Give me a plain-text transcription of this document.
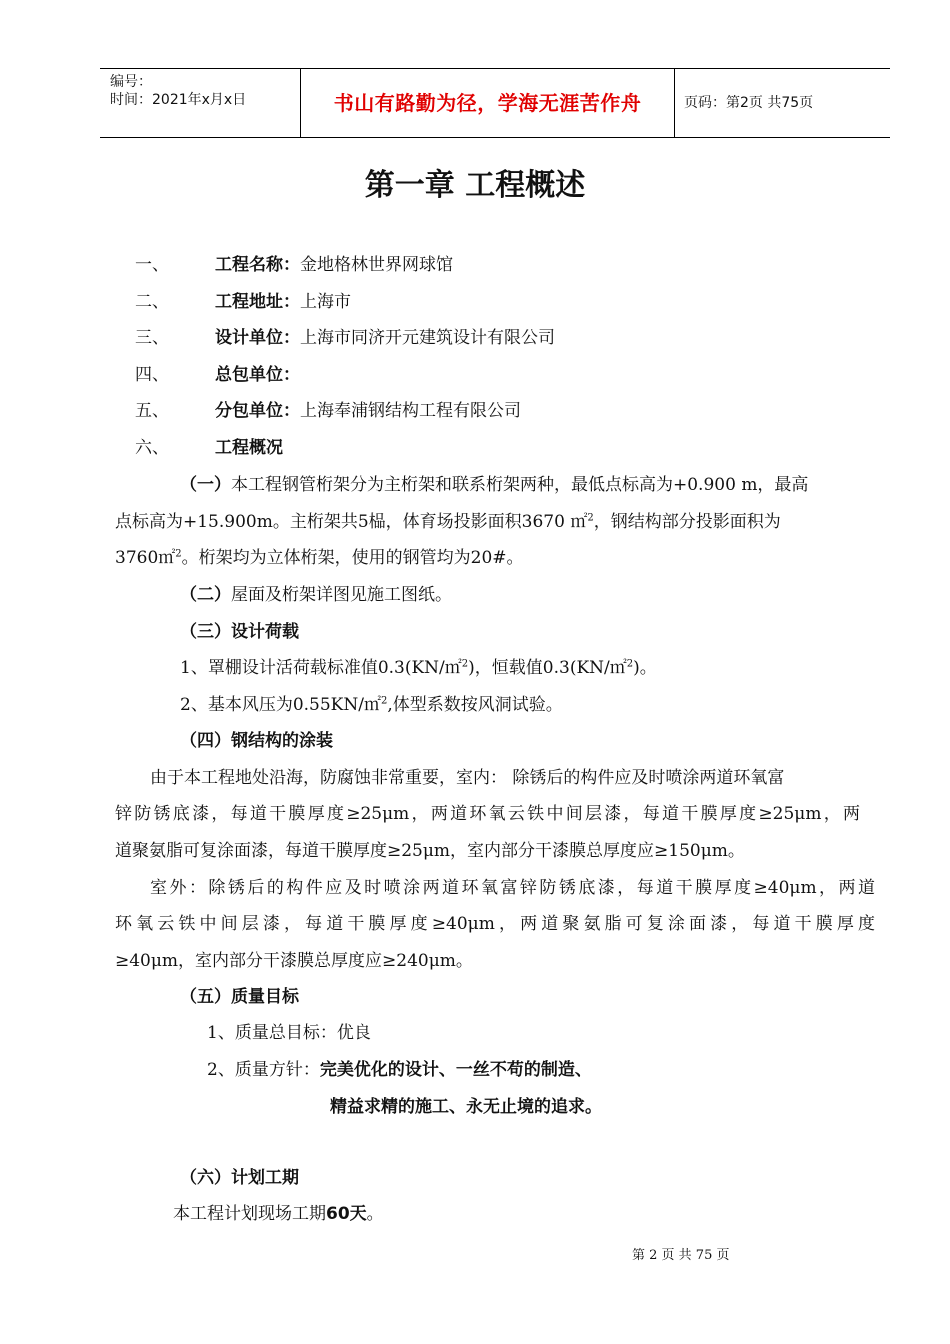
编号：
时间：2021年x月x日	书山有路勤为径，学海无涯苦作舟	页码：第2页 共75页
第一章 工程概述
一、	工程名称：金地格林世界网球馆
二、	工程地址：上海市
三、	设计单位：上海市同济开元建筑设计有限公司
四、	总包单位：
五、	分包单位：上海奉浦钢结构工程有限公司
六、	工程概况
（一）本工程钢管桁架分为主桁架和联系桁架两种，最低点标高为+0.900 m，最高
点标高为+15.900m。主桁架共5榀，体育场投影面积3670 ㎡$^2$，钢结构部分投影面积为
3760㎡$^2$。桁架均为立体桁架，使用的钢管均为20#。
（二）屋面及桁架详图见施工图纸。
（三）设计荷载
1、罩棚设计活荷载标准值0.3(KN/㎡$^2$)，恒载值0.3(KN/㎡$^2$)。
2、基本风压为0.55KN/㎡$^2$,体型系数按风洞试验。
（四）钢结构的涂装
由于本工程地处沿海，防腐蚀非常重要，室内： 除锈后的构件应及时喷涂两道环氧富
锌防锈底漆，每道干膜厚度≥25μm，两道环氧云铁中间层漆，每道干膜厚度≥25μm，两
道聚氨脂可复涂面漆，每道干膜厚度≥25μm，室内部分干漆膜总厚度应≥150μm。
室外：除锈后的构件应及时喷涂两道环氧富锌防锈底漆，每道干膜厚度≥40μm，两道
环氧云铁中间层漆，每道干膜厚度≥40μm，两道聚氨脂可复涂面漆，每道干膜厚度
≥40μm，室内部分干漆膜总厚度应≥240μm。
（五）质量目标
1、质量总目标：优良
2、质量方针：完美优化的设计、一丝不苟的制造、
精益求精的施工、永无止境的追求。
（六）计划工期
本工程计划现场工期60天。
第 2 页 共 75 页
